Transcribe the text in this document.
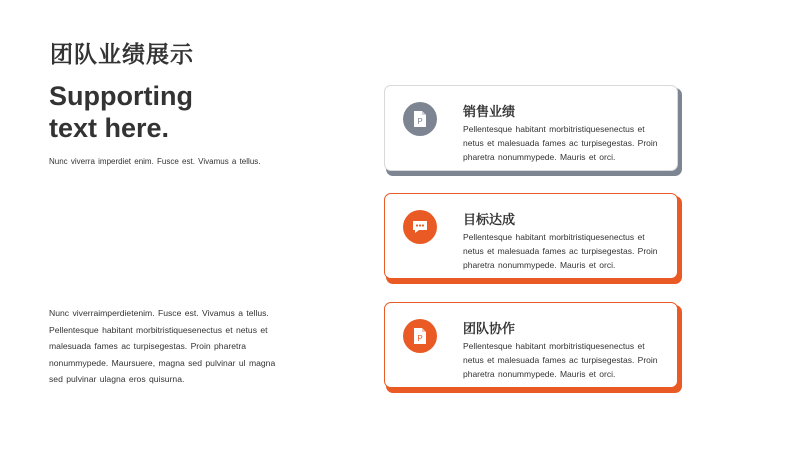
团队业绩展示
Supporting
text here.
Nunc viverra imperdiet enim. Fusce est. Vivamus a tellus.
Nunc viverraimperdietenim. Fusce est. Vivamus a tellus. Pellentesque habitant morbitristiquesenectus et netus et malesuada fames ac turpisegestas. Proin pharetra nonummypede. Maursuere, magna sed pulvinar ul magna sed pulvinar ulagna eros quisurna.
P
销售业绩
Pellentesque habitant morbitristiquesenectus et netus et malesuada fames ac turpisegestas. Proin pharetra nonummypede. Mauris et orci.
目标达成
Pellentesque habitant morbitristiquesenectus et netus et malesuada fames ac turpisegestas. Proin pharetra nonummypede. Mauris et orci.
P
团队协作
Pellentesque habitant morbitristiquesenectus et netus et malesuada fames ac turpisegestas. Proin pharetra nonummypede. Mauris et orci.
